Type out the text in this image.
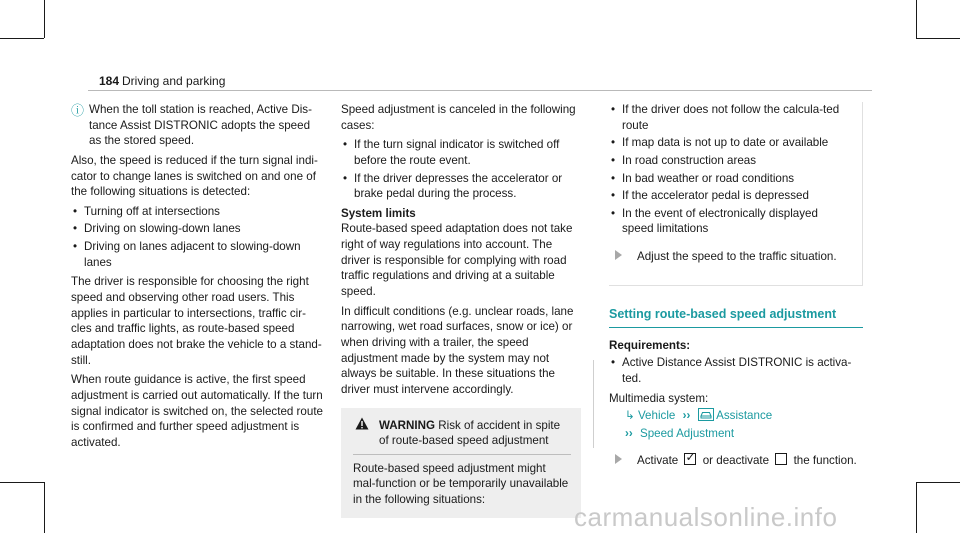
184 Driving and parking

ⓘ When the toll station is reached, Active Dis-tance Assist DISTRONIC adopts the speed as the stored speed.

Also, the speed is reduced if the turn signal indi-cator to change lanes is switched on and one of the following situations is detected:

• Turning off at intersections
• Driving on slowing-down lanes
• Driving on lanes adjacent to slowing-down lanes

The driver is responsible for choosing the right speed and observing other road users. This applies in particular to intersections, traffic cir-cles and traffic lights, as route-based speed adaptation does not brake the vehicle to a stand-still.

When route guidance is active, the first speed adjustment is carried out automatically. If the turn signal indicator is switched on, the selected route is confirmed and further speed adjustment is activated.

Speed adjustment is canceled in the following cases:

• If the turn signal indicator is switched off before the route event.
• If the driver depresses the accelerator or brake pedal during the process.

System limits

Route-based speed adaptation does not take right of way regulations into account. The driver is responsible for complying with road traffic regulations and driving at a suitable speed.

In difficult conditions (e.g. unclear roads, lane narrowing, wet road surfaces, snow or ice) or when driving with a trailer, the speed adjustment made by the system may not always be suitable. In these situations the driver must intervene accordingly.

WARNING Risk of accident in spite of route-based speed adjustment

Route-based speed adjustment might mal-function or be temporarily unavailable in the following situations:

• If the driver does not follow the calcula-ted route
• If map data is not up to date or available
• In road construction areas
• In bad weather or road conditions
• If the accelerator pedal is depressed
• In the event of electronically displayed speed limitations
Adjust the speed to the traffic situation.
Setting route-based speed adjustment

Requirements:

• Active Distance Assist DISTRONIC is activa-ted.

Multimedia system:

↳ Vehicle ›› Assistance
›› Speed Adjustment
Activate ✓ or deactivate the function.
carmanualsonline.info
